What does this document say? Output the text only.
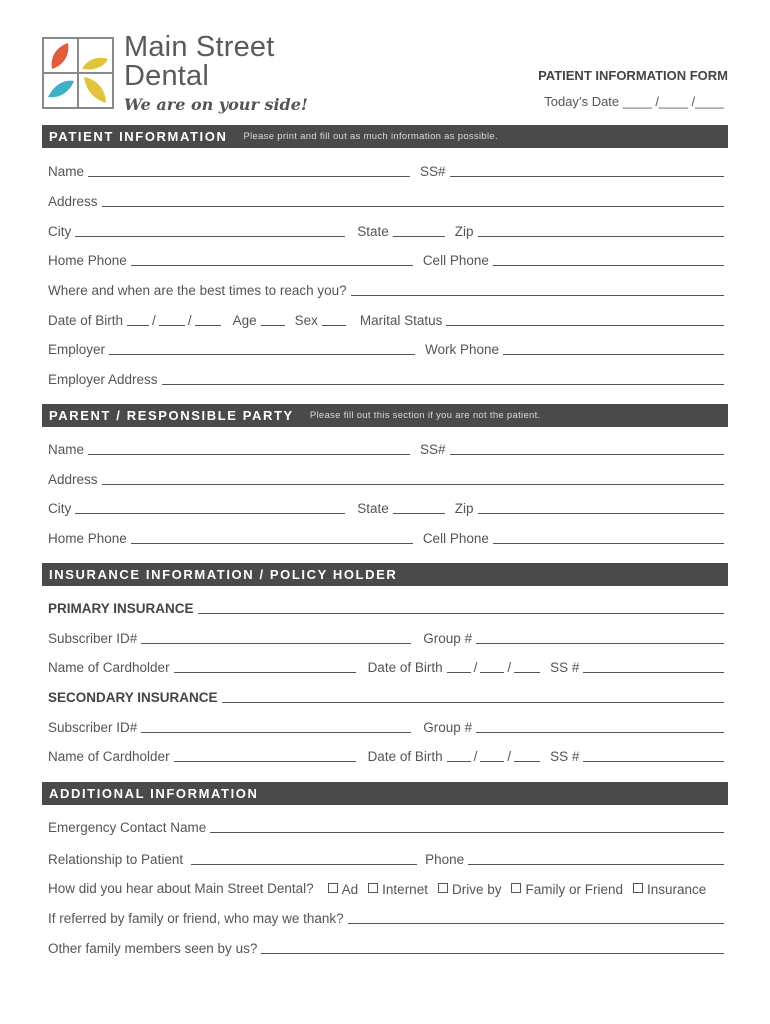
Main Street
Dental
We are on your side!
PATIENT INFORMATION FORM
Today’s Date ____ /____ /____
PATIENT INFORMATION Please print and fill out as much information as possible.
Name	SS#
Address
City	State	Zip
Home Phone	Cell Phone
Where and when are the best times to reach you?
Date of Birth / /	Age	Sex	Marital Status
Employer	Work Phone
Employer Address
PARENT / RESPONSIBLE PARTY Please fill out this section if you are not the patient.
Name	SS#
Address
City	State	Zip
Home Phone	Cell Phone
INSURANCE INFORMATION / POLICY HOLDER
PRIMARY INSURANCE
Subscriber ID#	Group #
Name of Cardholder	Date of Birth / /	SS #
SECONDARY INSURANCE
Subscriber ID#	Group #
Name of Cardholder	Date of Birth / /	SS #
ADDITIONAL INFORMATION
Emergency Contact Name
Relationship to Patient	Phone
How did you hear about Main Street Dental? Ad Internet Drive by Family or Friend Insurance
If referred by family or friend, who may we thank?
Other family members seen by us?
